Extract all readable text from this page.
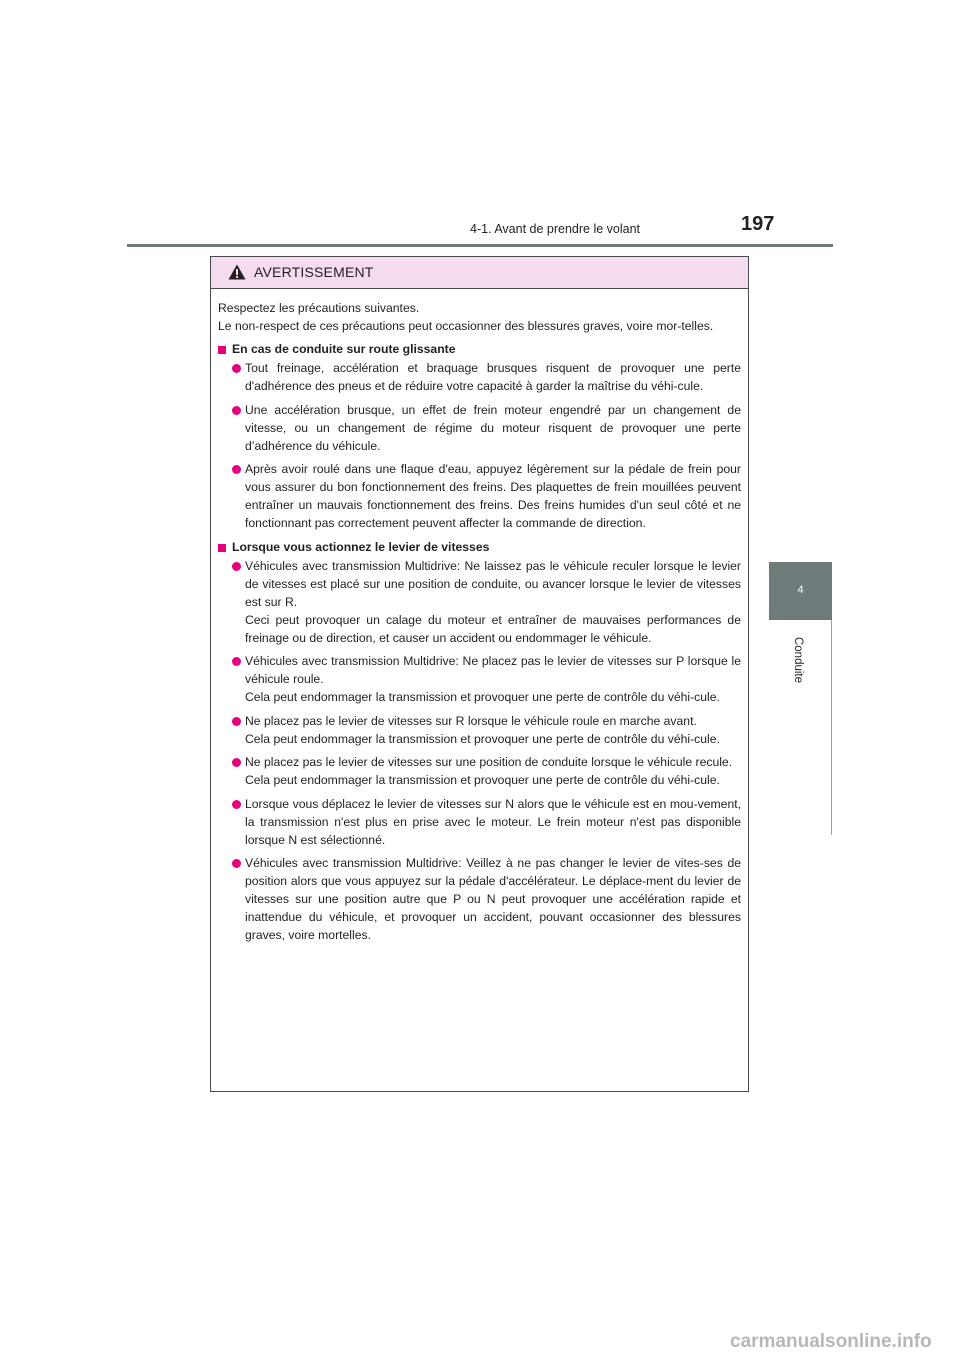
4-1. Avant de prendre le volant	197
4
Conduite
AVERTISSEMENT

Respectez les précautions suivantes.
Le non-respect de ces précautions peut occasionner des blessures graves, voire mor-telles.

En cas de conduite sur route glissante
Tout freinage, accélération et braquage brusques risquent de provoquer une perte d'adhérence des pneus et de réduire votre capacité à garder la maîtrise du véhi-cule.
Une accélération brusque, un effet de frein moteur engendré par un changement de vitesse, ou un changement de régime du moteur risquent de provoquer une perte d’adhérence du véhicule.
Après avoir roulé dans une flaque d'eau, appuyez légèrement sur la pédale de frein pour vous assurer du bon fonctionnement des freins. Des plaquettes de frein mouillées peuvent entraîner un mauvais fonctionnement des freins. Des freins humides d'un seul côté et ne fonctionnant pas correctement peuvent affecter la commande de direction.
Lorsque vous actionnez le levier de vitesses
Véhicules avec transmission Multidrive: Ne laissez pas le véhicule reculer lorsque le levier de vitesses est placé sur une position de conduite, ou avancer lorsque le levier de vitesses est sur R.
Ceci peut provoquer un calage du moteur et entraîner de mauvaises performances de freinage ou de direction, et causer un accident ou endommager le véhicule.
Véhicules avec transmission Multidrive: Ne placez pas le levier de vitesses sur P lorsque le véhicule roule.
Cela peut endommager la transmission et provoquer une perte de contrôle du véhi-cule.
Ne placez pas le levier de vitesses sur R lorsque le véhicule roule en marche avant.
Cela peut endommager la transmission et provoquer une perte de contrôle du véhi-cule.
Ne placez pas le levier de vitesses sur une position de conduite lorsque le véhicule recule.
Cela peut endommager la transmission et provoquer une perte de contrôle du véhi-cule.
Lorsque vous déplacez le levier de vitesses sur N alors que le véhicule est en mou-vement, la transmission n'est plus en prise avec le moteur. Le frein moteur n'est pas disponible lorsque N est sélectionné.
Véhicules avec transmission Multidrive: Veillez à ne pas changer le levier de vites-ses de position alors que vous appuyez sur la pédale d'accélérateur. Le déplace-ment du levier de vitesses sur une position autre que P ou N peut provoquer une accélération rapide et inattendue du véhicule, et provoquer un accident, pouvant occasionner des blessures graves, voire mortelles.
carmanualsonline.info
